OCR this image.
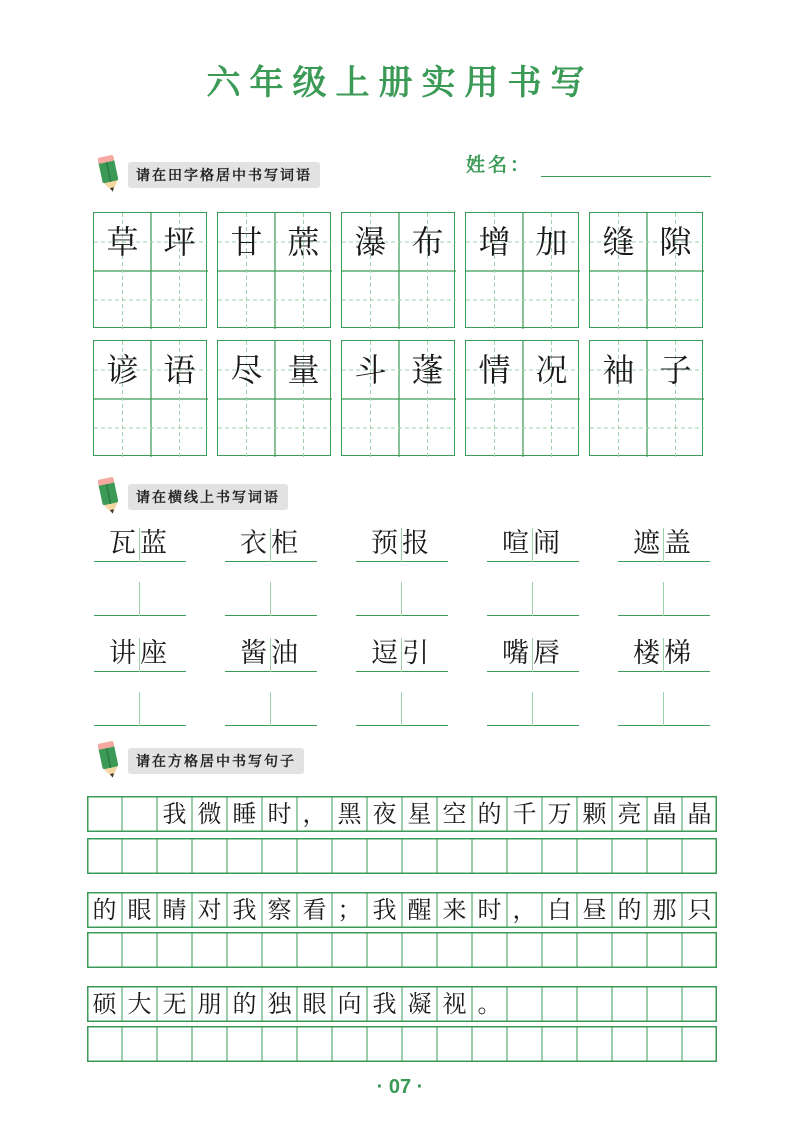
六年级上册实用书写
请在田字格居中书写词语	姓名：
草 坪	甘 蔗	瀑 布	增 加	缝 隙
谚 语	尽 量	斗 蓬	情 况	袖 子
请在横线上书写词语
瓦蓝	衣柜	预报	喧闹	遮盖
讲座	酱油	逗引	嘴唇	楼梯
请在方格居中书写句子
我 微 睡 时 ， 黑 夜 星 空 的 千 万 颗 亮 晶 晶
的 眼 睛 对 我 察 看 ； 我 醒 来 时 ， 白 昼 的 那 只
硕 大 无 朋 的 独 眼 向 我 凝 视 。
· 07 ·
